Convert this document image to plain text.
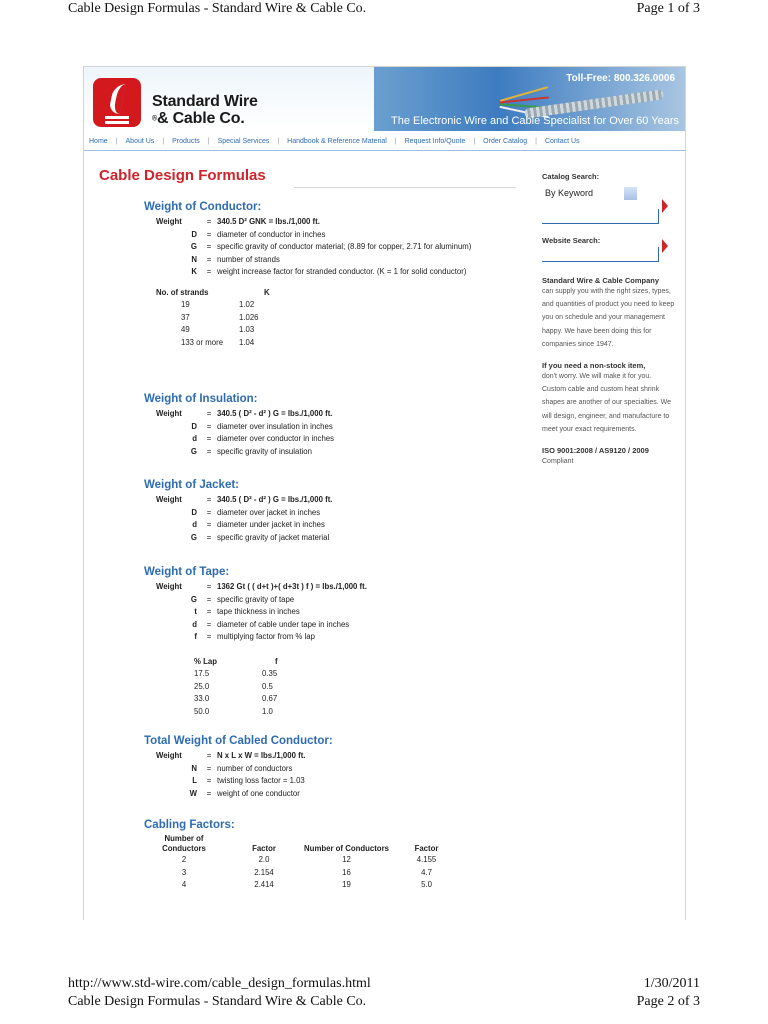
Cable Design Formulas - Standard Wire & Cable Co.	Page 1 of 3
Standard Wire
®& Cable Co.
Toll-Free: 800.326.0006
The Electronic Wire and Cable Specialist for Over 60 Years
Home | About Us | Products | Special Services | Handbook & Reference Material | Request Info/Quote | Order Catalog | Contact Us
Cable Design Formulas
Weight of Conductor:
Weight	= 340.5 D² GNK = lbs./1,000 ft.
D	= diameter of conductor in inches
G	= specific gravity of conductor material; (8.89 for copper, 2.71 for aluminum)
N	= number of strands
K	= weight increase factor for stranded conductor. (K = 1 for solid conductor)
No. of strands	K
19	1.02
37	1.026
49	1.03
133 or more	1.04
Weight of Insulation:
Weight	= 340.5 ( D² - d² ) G = lbs./1,000 ft.
D	= diameter over insulation in inches
d	= diameter over conductor in inches
G	= specific gravity of insulation
Weight of Jacket:
Weight	= 340.5 ( D² - d² ) G = lbs./1,000 ft.
D	= diameter over jacket in inches
d	= diameter under jacket in inches
G	= specific gravity of jacket material
Weight of Tape:
Weight	= 1362 Gt ( ( d+t )+( d+3t ) f ) = lbs./1,000 ft.
G	= specific gravity of tape
t	= tape thickness in inches
d	= diameter of cable under tape in inches
f	= multiplying factor from % lap
% Lap	f
17.5	0.35
25.0	0.5
33.0	0.67
50.0	1.0
Total Weight of Cabled Conductor:
Weight	= N x L x W = lbs./1,000 ft.
N	= number of conductors
L	= twisting loss factor = 1.03
W	= weight of one conductor
Cabling Factors:
Number of Conductors	Factor	Number of Conductors	Factor
2	2.0	12	4.155
3	2.154	16	4.7
4	2.414	19	5.0
Catalog Search:
By Keyword
Website Search:
Standard Wire & Cable Company

can supply you with the right sizes, types, and quantities of product you need to keep you on schedule and your management happy. We have been doing this for companies since 1947.

If you need a non-stock item,

don't worry. We will make it for you. Custom cable and custom heat shrink shapes are another of our specialties. We will design, engineer, and manufacture to meet your exact requirements.

ISO 9001:2008 / AS9120 / 2009

Compliant

http://www.std-wire.com/cable_design_formulas.html	1/30/2011
Cable Design Formulas - Standard Wire & Cable Co.	Page 2 of 3
